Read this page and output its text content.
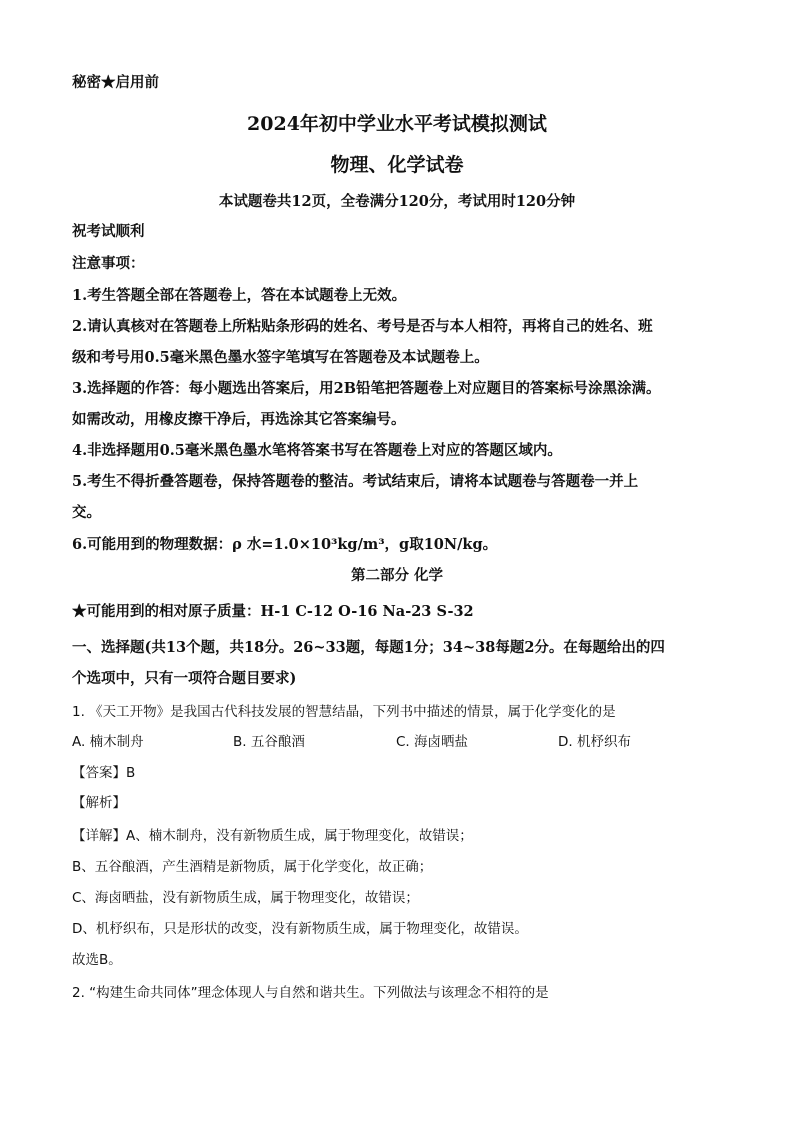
秘密★启用前
2024年初中学业水平考试模拟测试
物理、化学试卷
本试题卷共12页，全卷满分120分，考试用时120分钟
祝考试顺利
注意事项：
1.考生答题全部在答题卷上，答在本试题卷上无效。
2.请认真核对在答题卷上所粘贴条形码的姓名、考号是否与本人相符，再将自己的姓名、班
级和考号用0.5毫米黑色墨水签字笔填写在答题卷及本试题卷上。
3.选择题的作答：每小题选出答案后，用2B铅笔把答题卷上对应题目的答案标号涂黑涂满。
如需改动，用橡皮擦干净后，再选涂其它答案编号。
4.非选择题用0.5毫米黑色墨水笔将答案书写在答题卷上对应的答题区域内。
5.考生不得折叠答题卷，保持答题卷的整洁。考试结束后，请将本试题卷与答题卷一并上
交。
6.可能用到的物理数据：ρ 水=1.0×10³kg/m³，g取10N/kg。
第二部分 化学
★可能用到的相对原子质量：H-1 C-12 O-16 Na-23 S-32
一、选择题(共13个题，共18分。26~33题，每题1分；34~38每题2分。在每题给出的四
个选项中，只有一项符合题目要求)
1. 《天工开物》是我国古代科技发展的智慧结晶，下列书中描述的情景，属于化学变化的是
A. 楠木制舟	B. 五谷酿酒	C. 海卤晒盐	D. 机杼织布
【答案】B
【解析】
【详解】A、楠木制舟，没有新物质生成，属于物理变化，故错误；
B、五谷酿酒，产生酒精是新物质，属于化学变化，故正确；
C、海卤晒盐，没有新物质生成，属于物理变化，故错误；
D、机杼织布，只是形状的改变，没有新物质生成，属于物理变化，故错误。
故选B。
2. “构建生命共同体”理念体现人与自然和谐共生。下列做法与该理念不相符的是
